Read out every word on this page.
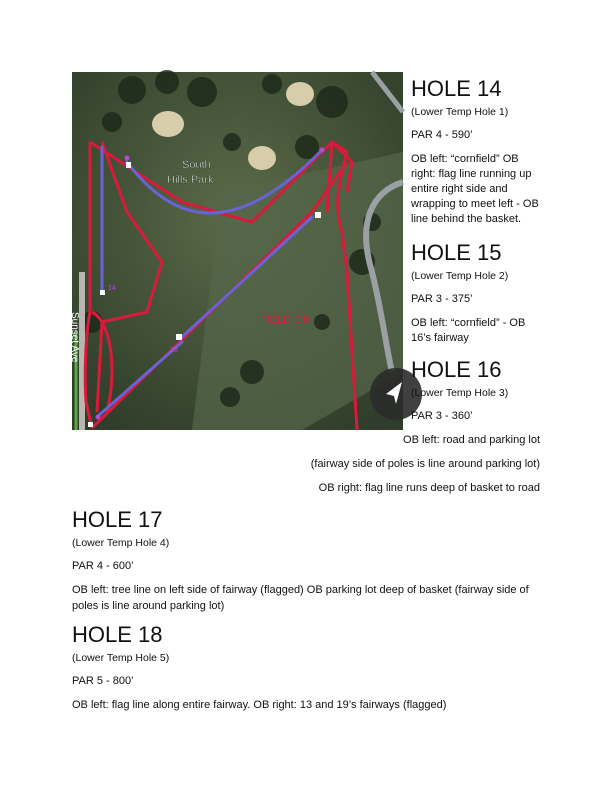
South
Hills Park
FIELD OB
Sunset Ave
14
15
HOLE 14
(Lower Temp Hole 1)
PAR 4 - 590’
OB left: “cornfield” OB right: flag line running up entire right side and wrapping to meet left - OB line behind the basket.
HOLE 15
(Lower Temp Hole 2)
PAR 3 - 375’
OB left: “cornfield” - OB 16’s fairway
HOLE 16
(Lower Temp Hole 3)
PAR 3 - 360’
OB left: road and parking lot
(fairway side of poles is line around parking lot)
OB right: flag line runs deep of basket to road
HOLE 17
(Lower Temp Hole 4)
PAR 4 - 600’
OB left: tree line on left side of fairway (flagged) OB parking lot deep of basket (fairway side of poles is line around parking lot)
HOLE 18
(Lower Temp Hole 5)
PAR 5 - 800’
OB left: flag line along entire fairway. OB right: 13 and 19’s fairways (flagged)
